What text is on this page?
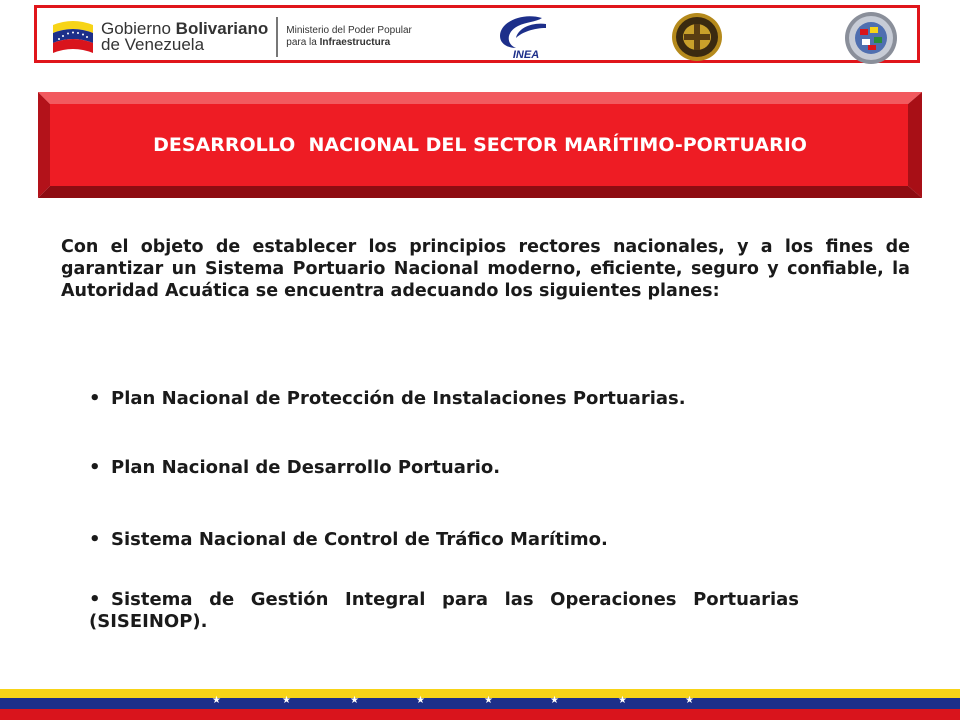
Gobierno Bolivariano
de Venezuela
Ministerio del Poder Popular
para la Infraestructura
INEA
DESARROLLO  NACIONAL DEL SECTOR MARÍTIMO-PORTUARIO
Con el objeto de establecer los principios rectores nacionales, y a los fines de garantizar un Sistema Portuario Nacional moderno, eficiente, seguro y confiable, la Autoridad Acuática se encuentra adecuando los siguientes planes:
• Plan Nacional de Protección de Instalaciones Portuarias.
• Plan Nacional de Desarrollo Portuario.
• Sistema Nacional de Control de Tráfico Marítimo.
• Sistema de Gestión Integral para las Operaciones Portuarias (SISEINOP).
★	★	★	★	★	★	★	★
